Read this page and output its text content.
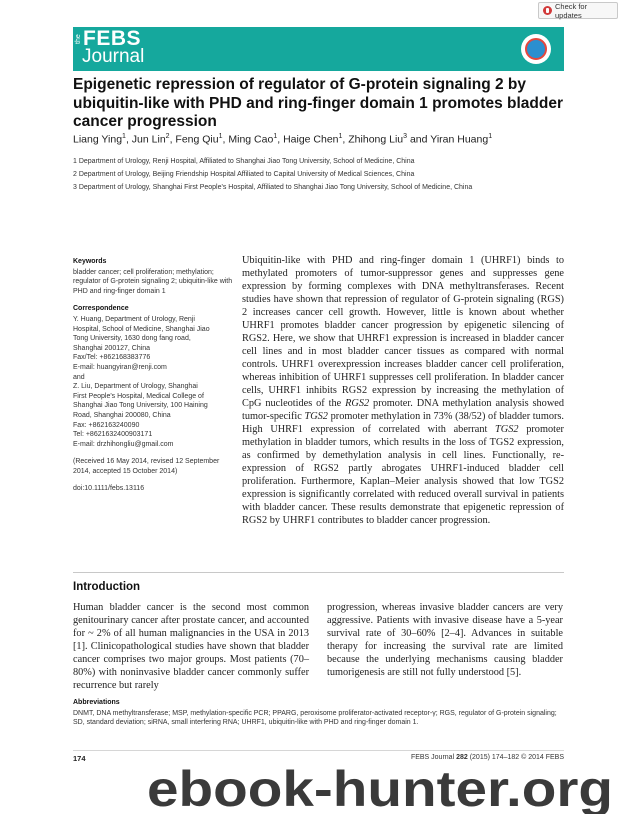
Check for updates
the FEBS
Journal
Epigenetic repression of regulator of G-protein signaling 2 by ubiquitin-like with PHD and ring-finger domain 1 promotes bladder cancer progression
Liang Ying$^1$, Jun Lin$^2$, Feng Qiu$^1$, Ming Cao$^1$, Haige Chen$^1$, Zhihong Liu$^3$ and Yiran Huang$^1$
1 Department of Urology, Renji Hospital, Affiliated to Shanghai Jiao Tong University, School of Medicine, China
2 Department of Urology, Beijing Friendship Hospital Affiliated to Capital University of Medical Sciences, China
3 Department of Urology, Shanghai First People's Hospital, Affiliated to Shanghai Jiao Tong University, School of Medicine, China
Keywords

bladder cancer; cell proliferation; methylation; regulator of G-protein signaling 2; ubiquitin-like with PHD and ring-finger domain 1

Correspondence

Y. Huang, Department of Urology, Renji

Hospital, School of Medicine, Shanghai Jiao

Tong University, 1630 dong fang road,

Shanghai 200127, China

Fax/Tel: +862168383776

E-mail: huangyiran@renji.com

and

Z. Liu, Department of Urology, Shanghai

First People's Hospital, Medical College of

Shanghai Jiao Tong University, 100 Haining

Road, Shanghai 200080, China

Fax: +862163240090

Tel: +8621632400903171

E-mail: drzhihongliu@gmail.com

(Received 16 May 2014, revised 12 September 2014, accepted 15 October 2014)

doi:10.1111/febs.13116

Ubiquitin-like with PHD and ring-finger domain 1 (UHRF1) binds to methylated promoters of tumor-suppressor genes and suppresses gene expression by forming complexes with DNA methyltransferases. Recent studies have shown that repression of regulator of G-protein signaling (RGS) 2 increases cancer cell growth. However, little is known about whether UHRF1 promotes bladder cancer progression by epigenetic silencing of RGS2. Here, we show that UHRF1 expression is increased in bladder cancer cell lines and in most bladder cancer tissues as compared with normal controls. UHRF1 overexpression increases bladder cancer cell proliferation, whereas inhibition of UHRF1 suppresses cell proliferation. In bladder cancer cells, UHRF1 inhibits RGS2 expression by increasing the methylation of CpG nucleotides of the RGS2 promoter. DNA methylation analysis showed tumor-specific TGS2 promoter methylation in 73% (38/52) of bladder tumors. High UHRF1 expression of correlated with aberrant TGS2 promoter methylation in bladder tumors, which results in the loss of TGS2 expression, as confirmed by demethylation analysis in cell lines. Functionally, re-expression of RGS2 partly abrogates UHRF1-induced bladder cell proliferation. Furthermore, Kaplan–Meier analysis showed that low TGS2 expression is significantly correlated with reduced overall survival in patients with bladder cancer. These results demonstrate that epigenetic repression of RGS2 by UHRF1 contributes to bladder cancer progression.
Introduction

Human bladder cancer is the second most common genitourinary cancer after prostate cancer, and accounted for ~ 2% of all human malignancies in the USA in 2013 [1]. Clinicopathological studies have shown that bladder cancer comprises two major groups. Most patients (70–80%) with noninvasive bladder cancer commonly suffer recurrence but rarely

progression, whereas invasive bladder cancers are very aggressive. Patients with invasive disease have a 5-year survival rate of 30–60% [2–4]. Advances in suitable therapy for increasing the survival rate are limited because the underlying mechanisms causing bladder tumorigenesis are still not fully understood [5].

Abbreviations

DNMT, DNA methyltransferase; MSP, methylation-specific PCR; PPARG, peroxisome proliferator-activated receptor-γ; RGS, regulator of G-protein signaling; SD, standard deviation; siRNA, small interfering RNA; UHRF1, ubiquitin-like with PHD and ring-finger domain 1.

174	FEBS Journal 282 (2015) 174–182 © 2014 FEBS
ebook-hunter.org
